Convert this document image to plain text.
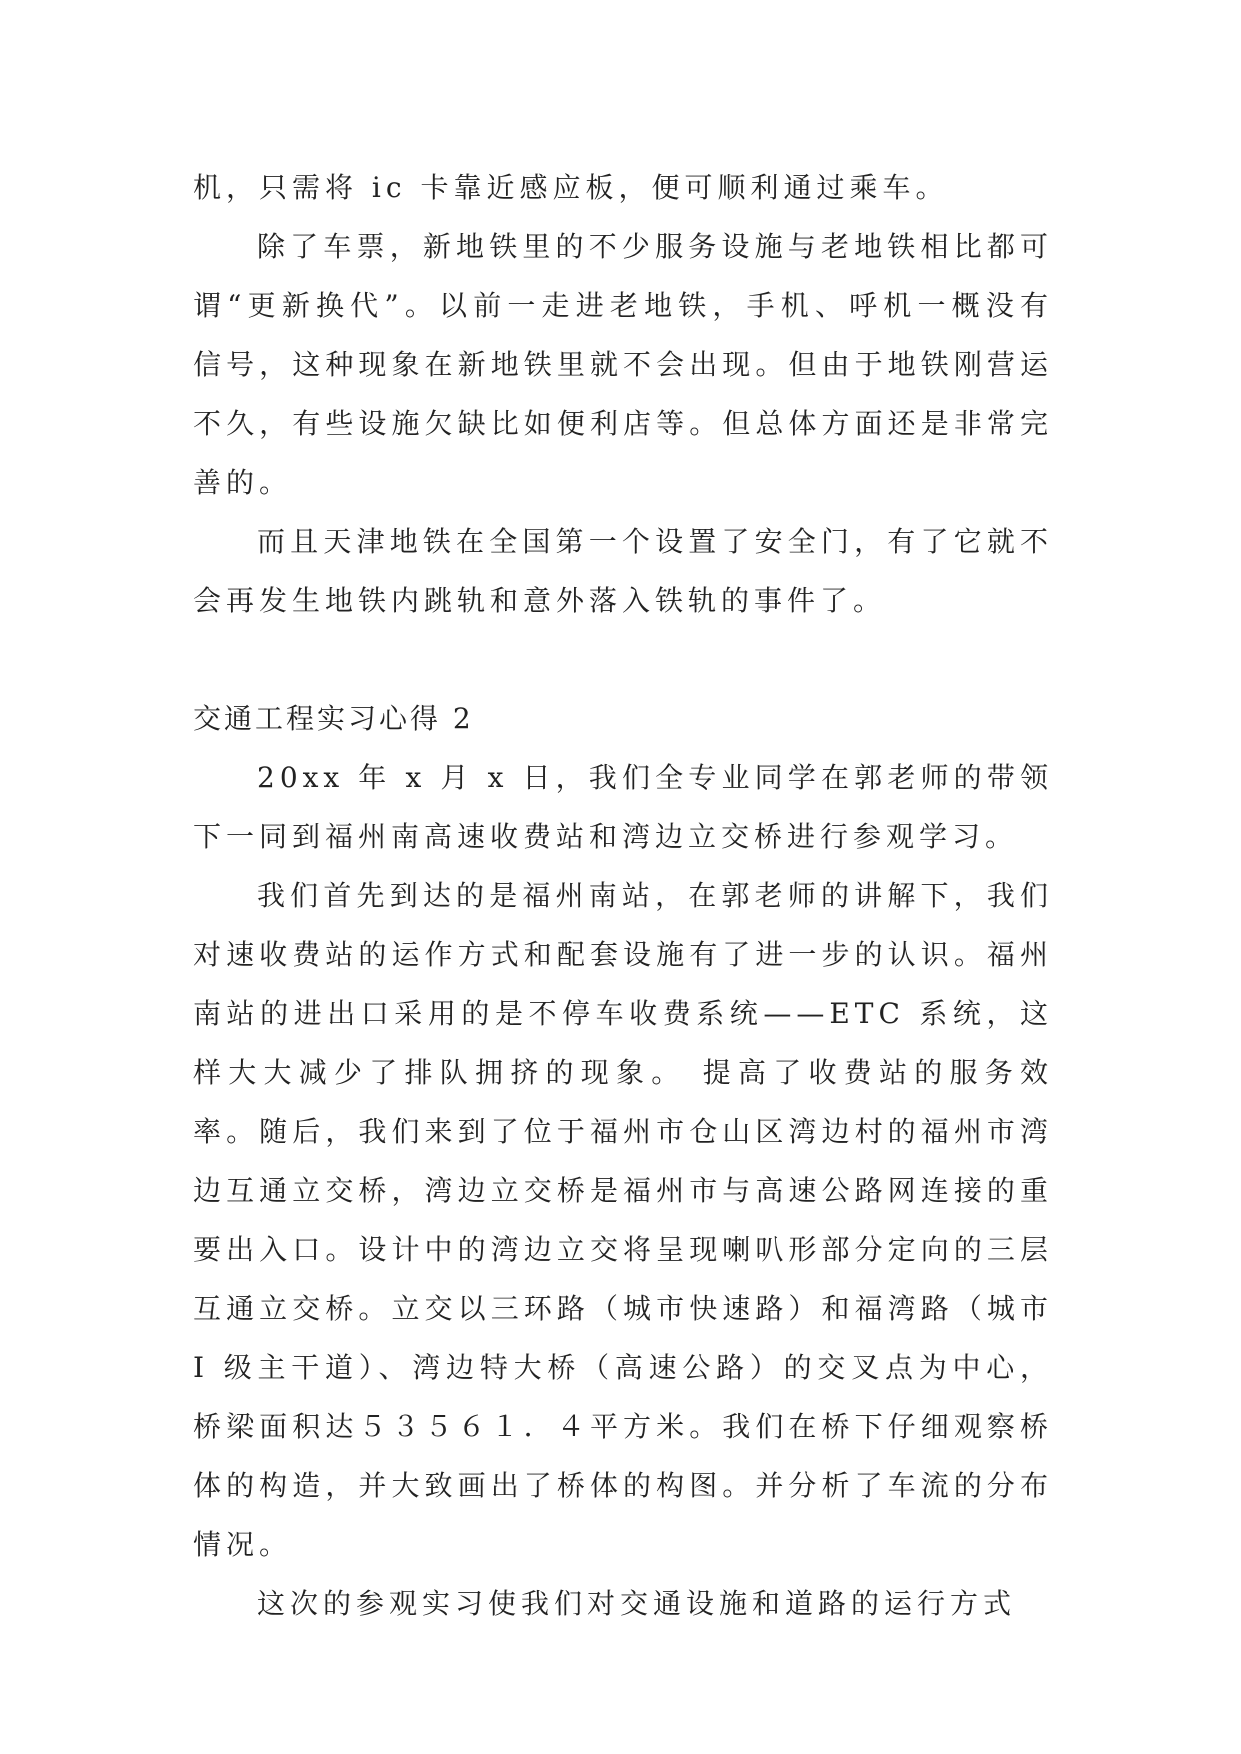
机，只需将 ic 卡靠近感应板，便可顺利通过乘车。

除了车票，新地铁里的不少服务设施与老地铁相比都可谓“更新换代”。以前一走进老地铁，手机、呼机一概没有信号，这种现象在新地铁里就不会出现。但由于地铁刚营运不久，有些设施欠缺比如便利店等。但总体方面还是非常完善的。

而且天津地铁在全国第一个设置了安全门，有了它就不会再发生地铁内跳轨和意外落入铁轨的事件了。

交通工程实习心得 2

20xx 年 x 月 x 日，我们全专业同学在郭老师的带领下一同到福州南高速收费站和湾边立交桥进行参观学习。

我们首先到达的是福州南站，在郭老师的讲解下，我们对速收费站的运作方式和配套设施有了进一步的认识。福州南站的进出口采用的是不停车收费系统——ETC 系统，这样大大减少了排队拥挤的现象。 提高了收费站的服务效率。随后，我们来到了位于福州市仓山区湾边村的福州市湾边互通立交桥，湾边立交桥是福州市与高速公路网连接的重要出入口。设计中的湾边立交将呈现喇叭形部分定向的三层互通立交桥。立交以三环路（城市快速路）和福湾路（城市 I 级主干道）、湾边特大桥（高速公路）的交叉点为中心，桥梁面积达５３５６１．４平方米。我们在桥下仔细观察桥体的构造，并大致画出了桥体的构图。并分析了车流的分布情况。

这次的参观实习使我们对交通设施和道路的运行方式
